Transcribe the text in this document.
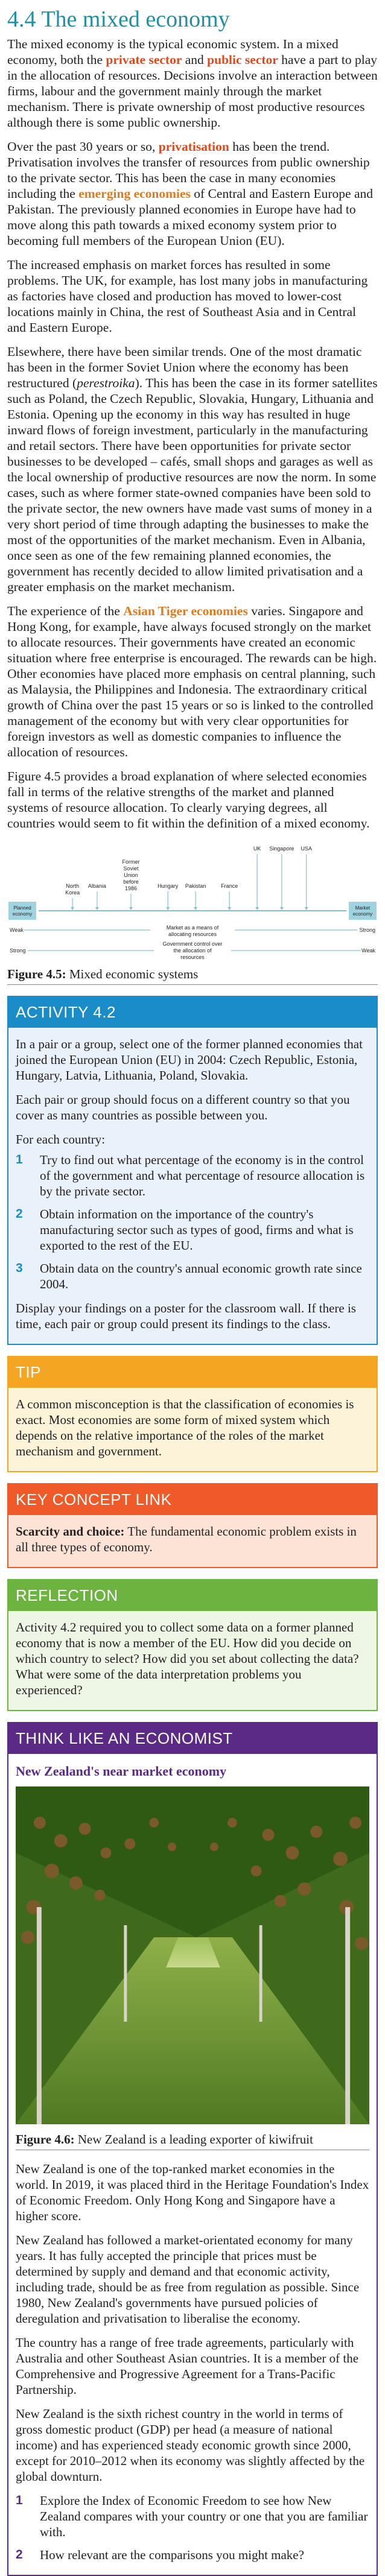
4.4 The mixed economy

The mixed economy is the typical economic system. In a mixed economy, both the private sector and public sector have a part to play in the allocation of resources. Decisions involve an interaction between firms, labour and the government mainly through the market mechanism. There is private ownership of most productive resources although there is some public ownership.

Over the past 30 years or so, privatisation has been the trend. Privatisation involves the transfer of resources from public ownership to the private sector. This has been the case in many economies including the emerging economies of Central and Eastern Europe and Pakistan. The previously planned economies in Europe have had to move along this path towards a mixed economy system prior to becoming full members of the European Union (EU).

The increased emphasis on market forces has resulted in some problems. The UK, for example, has lost many jobs in manufacturing as factories have closed and production has moved to lower-cost locations mainly in China, the rest of Southeast Asia and in Central and Eastern Europe.

Elsewhere, there have been similar trends. One of the most dramatic has been in the former Soviet Union where the economy has been restructured (perestroika). This has been the case in its former satellites such as Poland, the Czech Republic, Slovakia, Hungary, Lithuania and Estonia. Opening up the economy in this way has resulted in huge inward flows of foreign investment, particularly in the manufacturing and retail sectors. There have been opportunities for private sector businesses to be developed – cafés, small shops and garages as well as the local ownership of productive resources are now the norm. In some cases, such as where former state-owned companies have been sold to the private sector, the new owners have made vast sums of money in a very short period of time through adapting the businesses to make the most of the opportunities of the market mechanism. Even in Albania, once seen as one of the few remaining planned economies, the government has recently decided to allow limited privatisation and a greater emphasis on the market mechanism.

The experience of the Asian Tiger economies varies. Singapore and Hong Kong, for example, have always focused strongly on the market to allocate resources. Their governments have created an economic situation where free enterprise is encouraged. The rewards can be high. Other economies have placed more emphasis on central planning, such as Malaysia, the Philippines and Indonesia. The extraordinary critical growth of China over the past 15 years or so is linked to the controlled management of the economy but with very clear opportunities for foreign investors as well as domestic companies to influence the allocation of resources.

Figure 4.5 provides a broad explanation of where selected economies fall in terms of the relative strengths of the market and planned systems of resource allocation. To clearly varying degrees, all countries would seem to fit within the definition of a mixed economy.

Planned
economy
Market
economy
North Korea
Albania
Former Soviet Union before 1986	Hungary Pakistan	France
UK Singapore USA
Weak	Strong
Market as a means of allocating resources
Strong	Weak
Government control over the allocation of resources
Figure 4.5: Mixed economic systems
ACTIVITY 4.2

In a pair or a group, select one of the former planned economies that joined the European Union (EU) in 2004: Czech Republic, Estonia, Hungary, Latvia, Lithuania, Poland, Slovakia.

Each pair or group should focus on a different country so that you cover as many countries as possible between you.

For each country:

1	Try to find out what percentage of the economy is in the control of the government and what percentage of resource allocation is by the private sector.
2	Obtain information on the importance of the country's manufacturing sector such as types of good, firms and what is exported to the rest of the EU.
3	Obtain data on the country's annual economic growth rate since 2004.

Display your findings on a poster for the classroom wall. If there is time, each pair or group could present its findings to the class.

TIP

A common misconception is that the classification of economies is exact. Most economies are some form of mixed system which depends on the relative importance of the roles of the market mechanism and government.

KEY CONCEPT LINK

Scarcity and choice: The fundamental economic problem exists in all three types of economy.

REFLECTION

Activity 4.2 required you to collect some data on a former planned economy that is now a member of the EU. How did you decide on which country to select? How did you set about collecting the data? What were some of the data interpretation problems you experienced?

THINK LIKE AN ECONOMIST
New Zealand's near market economy
Figure 4.6: New Zealand is a leading exporter of kiwifruit

New Zealand is one of the top-ranked market economies in the world. In 2019, it was placed third in the Heritage Foundation's Index of Economic Freedom. Only Hong Kong and Singapore have a higher score.

New Zealand has followed a market-orientated economy for many years. It has fully accepted the principle that prices must be determined by supply and demand and that economic activity, including trade, should be as free from regulation as possible. Since 1980, New Zealand's governments have pursued policies of deregulation and privatisation to liberalise the economy.

The country has a range of free trade agreements, particularly with Australia and other Southeast Asian countries. It is a member of the Comprehensive and Progressive Agreement for a Trans-Pacific Partnership.

New Zealand is the sixth richest country in the world in terms of gross domestic product (GDP) per head (a measure of national income) and has experienced steady economic growth since 2000, except for 2010–2012 when its economy was slightly affected by the global downturn.

1	Explore the Index of Economic Freedom to see how New Zealand compares with your country or one that you are familiar with.
2	How relevant are the comparisons you might make?
